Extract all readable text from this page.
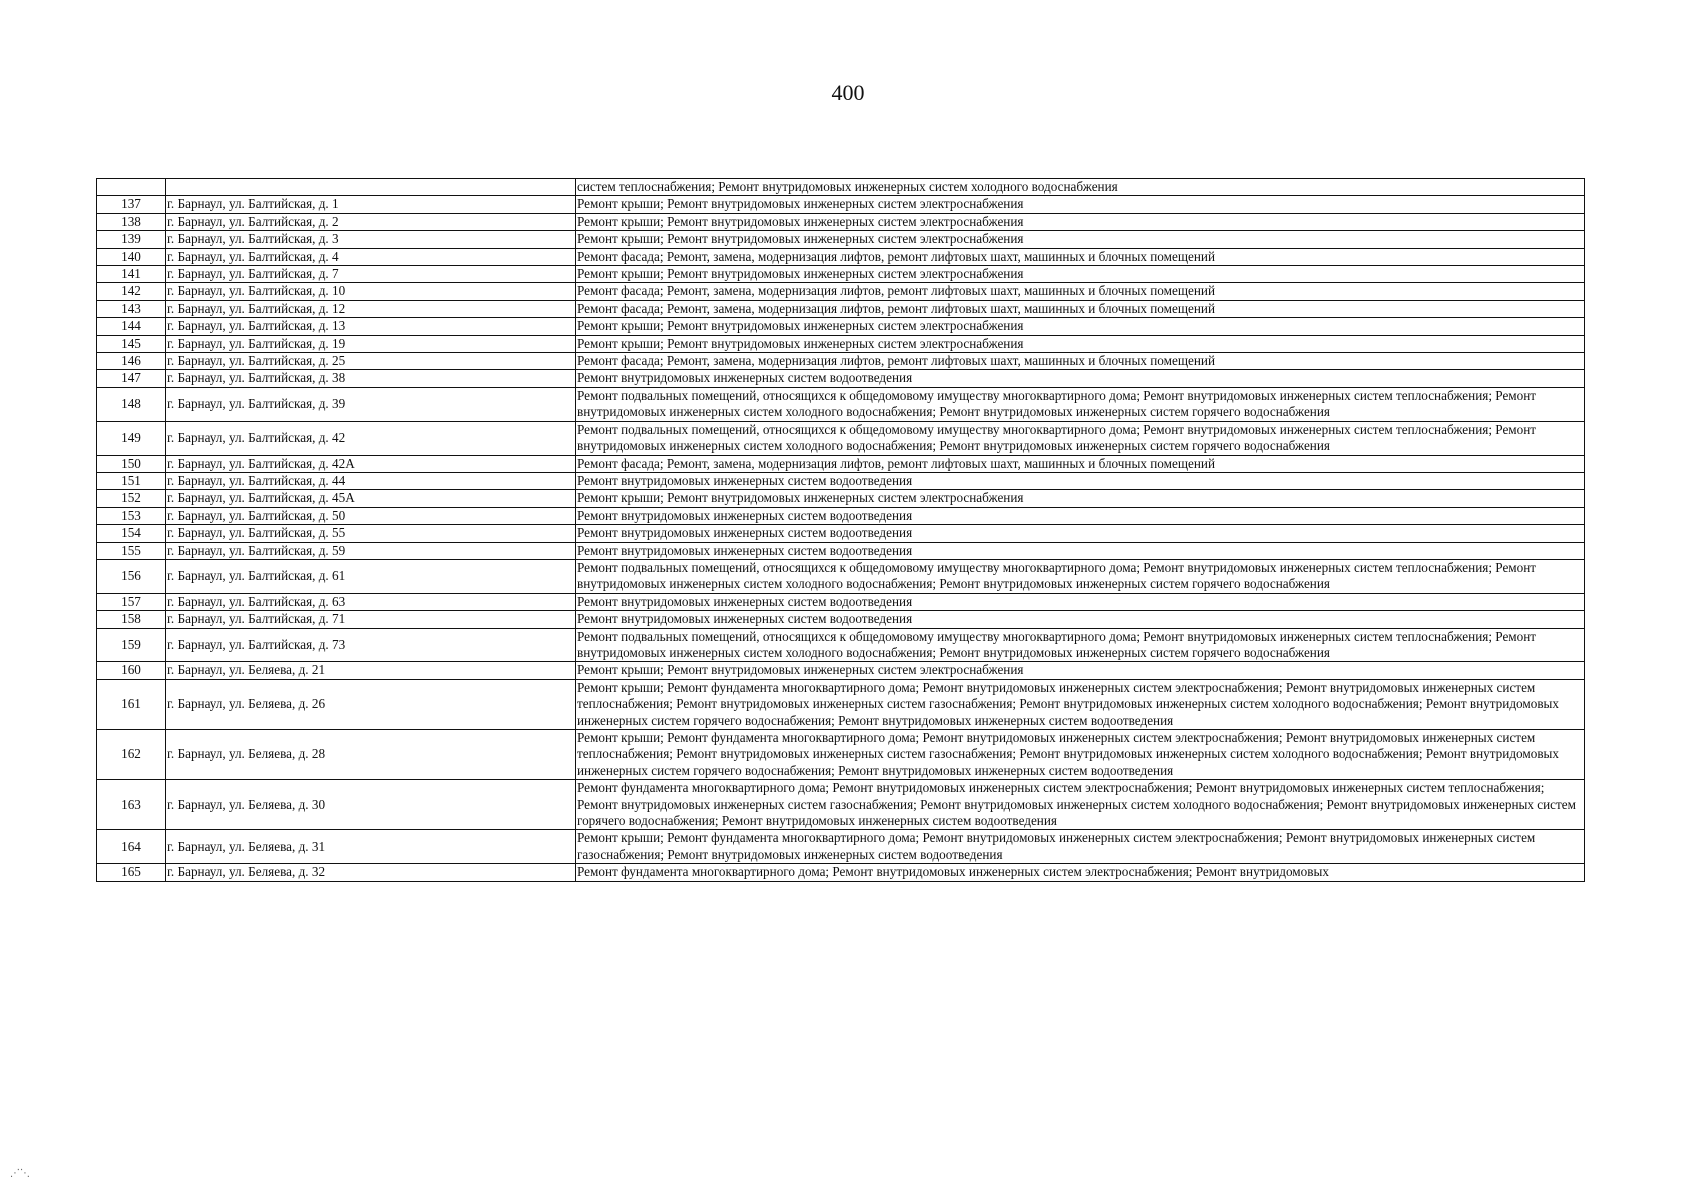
400
		систем теплоснабжения; Ремонт внутридомовых инженерных систем холодного водоснабжения
137	г. Барнаул, ул. Балтийская, д. 1	Ремонт крыши; Ремонт внутридомовых инженерных систем электроснабжения
138	г. Барнаул, ул. Балтийская, д. 2	Ремонт крыши; Ремонт внутридомовых инженерных систем электроснабжения
139	г. Барнаул, ул. Балтийская, д. 3	Ремонт крыши; Ремонт внутридомовых инженерных систем электроснабжения
140	г. Барнаул, ул. Балтийская, д. 4	Ремонт фасада; Ремонт, замена, модернизация лифтов, ремонт лифтовых шахт, машинных и блочных помещений
141	г. Барнаул, ул. Балтийская, д. 7	Ремонт крыши; Ремонт внутридомовых инженерных систем электроснабжения
142	г. Барнаул, ул. Балтийская, д. 10	Ремонт фасада; Ремонт, замена, модернизация лифтов, ремонт лифтовых шахт, машинных и блочных помещений
143	г. Барнаул, ул. Балтийская, д. 12	Ремонт фасада; Ремонт, замена, модернизация лифтов, ремонт лифтовых шахт, машинных и блочных помещений
144	г. Барнаул, ул. Балтийская, д. 13	Ремонт крыши; Ремонт внутридомовых инженерных систем электроснабжения
145	г. Барнаул, ул. Балтийская, д. 19	Ремонт крыши; Ремонт внутридомовых инженерных систем электроснабжения
146	г. Барнаул, ул. Балтийская, д. 25	Ремонт фасада; Ремонт, замена, модернизация лифтов, ремонт лифтовых шахт, машинных и блочных помещений
147	г. Барнаул, ул. Балтийская, д. 38	Ремонт внутридомовых инженерных систем водоотведения
148	г. Барнаул, ул. Балтийская, д. 39	Ремонт подвальных помещений, относящихся к общедомовому имуществу многоквартирного дома; Ремонт внутридомовых инженерных систем теплоснабжения; Ремонт внутридомовых инженерных систем холодного водоснабжения; Ремонт внутридомовых инженерных систем горячего водоснабжения
149	г. Барнаул, ул. Балтийская, д. 42	Ремонт подвальных помещений, относящихся к общедомовому имуществу многоквартирного дома; Ремонт внутридомовых инженерных систем теплоснабжения; Ремонт внутридомовых инженерных систем холодного водоснабжения; Ремонт внутридомовых инженерных систем горячего водоснабжения
150	г. Барнаул, ул. Балтийская, д. 42А	Ремонт фасада; Ремонт, замена, модернизация лифтов, ремонт лифтовых шахт, машинных и блочных помещений
151	г. Барнаул, ул. Балтийская, д. 44	Ремонт внутридомовых инженерных систем водоотведения
152	г. Барнаул, ул. Балтийская, д. 45А	Ремонт крыши; Ремонт внутридомовых инженерных систем электроснабжения
153	г. Барнаул, ул. Балтийская, д. 50	Ремонт внутридомовых инженерных систем водоотведения
154	г. Барнаул, ул. Балтийская, д. 55	Ремонт внутридомовых инженерных систем водоотведения
155	г. Барнаул, ул. Балтийская, д. 59	Ремонт внутридомовых инженерных систем водоотведения
156	г. Барнаул, ул. Балтийская, д. 61	Ремонт подвальных помещений, относящихся к общедомовому имуществу многоквартирного дома; Ремонт внутридомовых инженерных систем теплоснабжения; Ремонт внутридомовых инженерных систем холодного водоснабжения; Ремонт внутридомовых инженерных систем горячего водоснабжения
157	г. Барнаул, ул. Балтийская, д. 63	Ремонт внутридомовых инженерных систем водоотведения
158	г. Барнаул, ул. Балтийская, д. 71	Ремонт внутридомовых инженерных систем водоотведения
159	г. Барнаул, ул. Балтийская, д. 73	Ремонт подвальных помещений, относящихся к общедомовому имуществу многоквартирного дома; Ремонт внутридомовых инженерных систем теплоснабжения; Ремонт внутридомовых инженерных систем холодного водоснабжения; Ремонт внутридомовых инженерных систем горячего водоснабжения
160	г. Барнаул, ул. Беляева, д. 21	Ремонт крыши; Ремонт внутридомовых инженерных систем электроснабжения
161	г. Барнаул, ул. Беляева, д. 26	Ремонт крыши; Ремонт фундамента многоквартирного дома; Ремонт внутридомовых инженерных систем электроснабжения; Ремонт внутридомовых инженерных систем теплоснабжения; Ремонт внутридомовых инженерных систем газоснабжения; Ремонт внутридомовых инженерных систем холодного водоснабжения; Ремонт внутридомовых инженерных систем горячего водоснабжения; Ремонт внутридомовых инженерных систем водоотведения
162	г. Барнаул, ул. Беляева, д. 28	Ремонт крыши; Ремонт фундамента многоквартирного дома; Ремонт внутридомовых инженерных систем электроснабжения; Ремонт внутридомовых инженерных систем теплоснабжения; Ремонт внутридомовых инженерных систем газоснабжения; Ремонт внутридомовых инженерных систем холодного водоснабжения; Ремонт внутридомовых инженерных систем горячего водоснабжения; Ремонт внутридомовых инженерных систем водоотведения
163	г. Барнаул, ул. Беляева, д. 30	Ремонт фундамента многоквартирного дома; Ремонт внутридомовых инженерных систем электроснабжения; Ремонт внутридомовых инженерных систем теплоснабжения; Ремонт внутридомовых инженерных систем газоснабжения; Ремонт внутридомовых инженерных систем холодного водоснабжения; Ремонт внутридомовых инженерных систем горячего водоснабжения; Ремонт внутридомовых инженерных систем водоотведения
164	г. Барнаул, ул. Беляева, д. 31	Ремонт крыши; Ремонт фундамента многоквартирного дома; Ремонт внутридомовых инженерных систем электроснабжения; Ремонт внутридомовых инженерных систем газоснабжения; Ремонт внутридомовых инженерных систем водоотведения
165	г. Барнаул, ул. Беляева, д. 32	Ремонт фундамента многоквартирного дома; Ремонт внутридомовых инженерных систем электроснабжения; Ремонт внутридомовых
⋰⋱
